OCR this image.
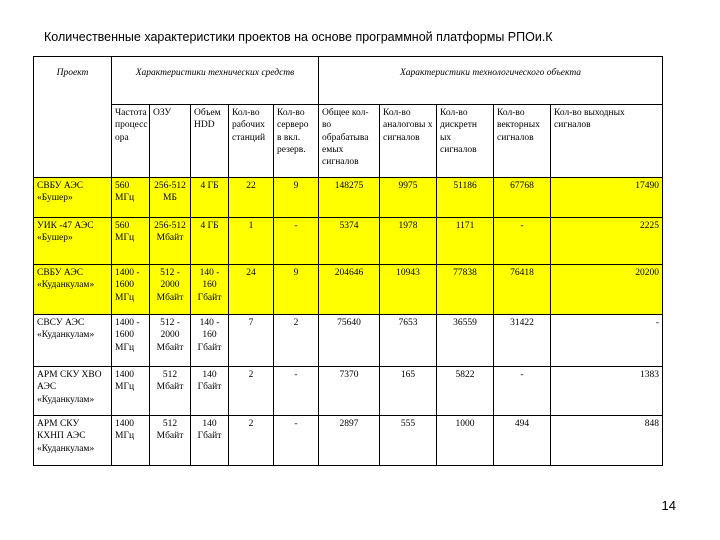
Количественные характеристики проектов на основе программной платформы РПОи.К
Проект	Характеристики технических средств					Характеристики технологического объекта				
	Частота процесс ора	ОЗУ	Объем HDD	Кол-во рабочих станций	Кол-во серверо в вкл. резерв.	Общее кол-во обрабатыва емых сигналов	Кол-во аналоговы х сигналов	Кол-во дискретн ых сигналов	Кол-во векторных сигналов	Кол-во выходных сигналов
СВБУ АЭС «Бушер»	560 МГц	256-512 МБ	4 ГБ	22	9	148275	9975	51186	67768	17490
УИК -47 АЭС «Бушер»	560 МГц	256-512 Мбайт	4 ГБ	1	-	5374	1978	1171	-	2225
СВБУ АЭС «Куданкулам»	1400 - 1600 МГц	512 - 2000 Мбайт	140 - 160 Гбайт	24	9	204646	10943	77838	76418	20200
СВСУ АЭС «Куданкулам»	1400 - 1600 МГц	512 - 2000 Мбайт	140 - 160 Гбайт	7	2	75640	7653	36559	31422	-
АРМ СКУ ХВО АЭС «Куданкулам»	1400 МГц	512 Мбайт	140 Гбайт	2	-	7370	165	5822	-	1383
АРМ СКУ КХНП АЭС «Куданкулам»	1400 МГц	512 Мбайт	140 Гбайт	2	-	2897	555	1000	494	848
14
